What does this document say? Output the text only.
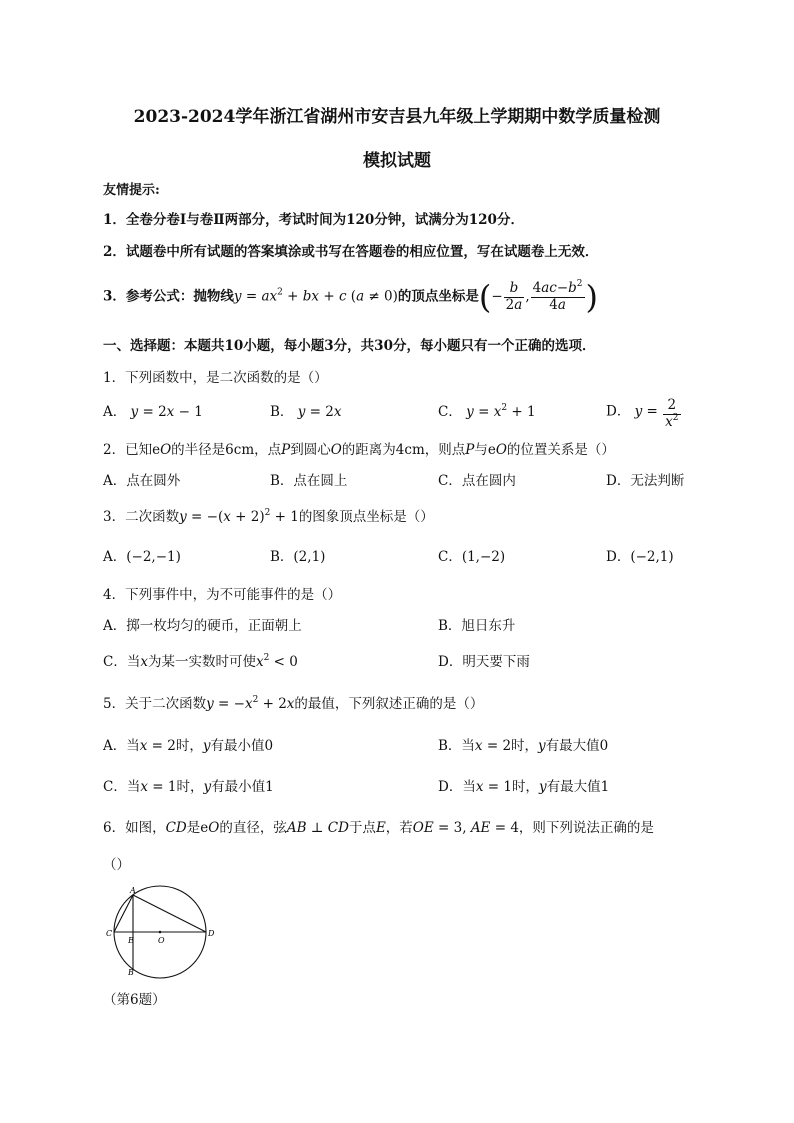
2023-2024学年浙江省湖州市安吉县九年级上学期期中数学质量检测
模拟试题
友情提示:
1．全卷分卷Ⅰ与卷Ⅱ两部分，考试时间为120分钟，试满分为120分．
2．试题卷中所有试题的答案填涂或书写在答题卷的相应位置，写在试题卷上无效．
3．参考公式：抛物线$y = ax^2$ + bx + c (a ≠ 0)的顶点坐标是(− $\frac{b}{2a}$ , $\frac{4ac-b^2}{4a}$ )
一、选择题：本题共10小题，每小题3分，共30分，每小题只有一个正确的选项．
1．下列函数中，是二次函数的是（）
A． y = 2x − 1	B． y = 2x	C． $y = x^2 + 1$	D． $y = \frac{2}{x^2}$
2．已知eO的半径是6cm，点P到圆心O的距离为4cm，则点P与eO的位置关系是（）
A．点在圆外	B．点在圆上	C．点在圆内	D．无法判断
3．二次函数$y = -(x + 2)^2 + 1$的图象顶点坐标是（）
A．(−2,−1)	B．(2,1)	C．(1,−2)	D．(−2,1)
4．下列事件中，为不可能事件的是（）
A．掷一枚均匀的硬币，正面朝上	B．旭日东升
C．当x为某一实数时可使$x^2 < 0$	D．明天要下雨
5．关于二次函数$y = -x^2 + 2x$的最值，下列叙述正确的是（）
A．当x = 2时，y有最小值0	B．当x = 2时，y有最大值0
C．当x = 1时，y有最小值1	D．当x = 1时，y有最大值1
6．如图，CD是eO的直径，弦AB ⊥ CD于点E，若OE = 3, AE = 4，则下列说法正确的是
（）
A
B
C	D
E	O
（第6题）
